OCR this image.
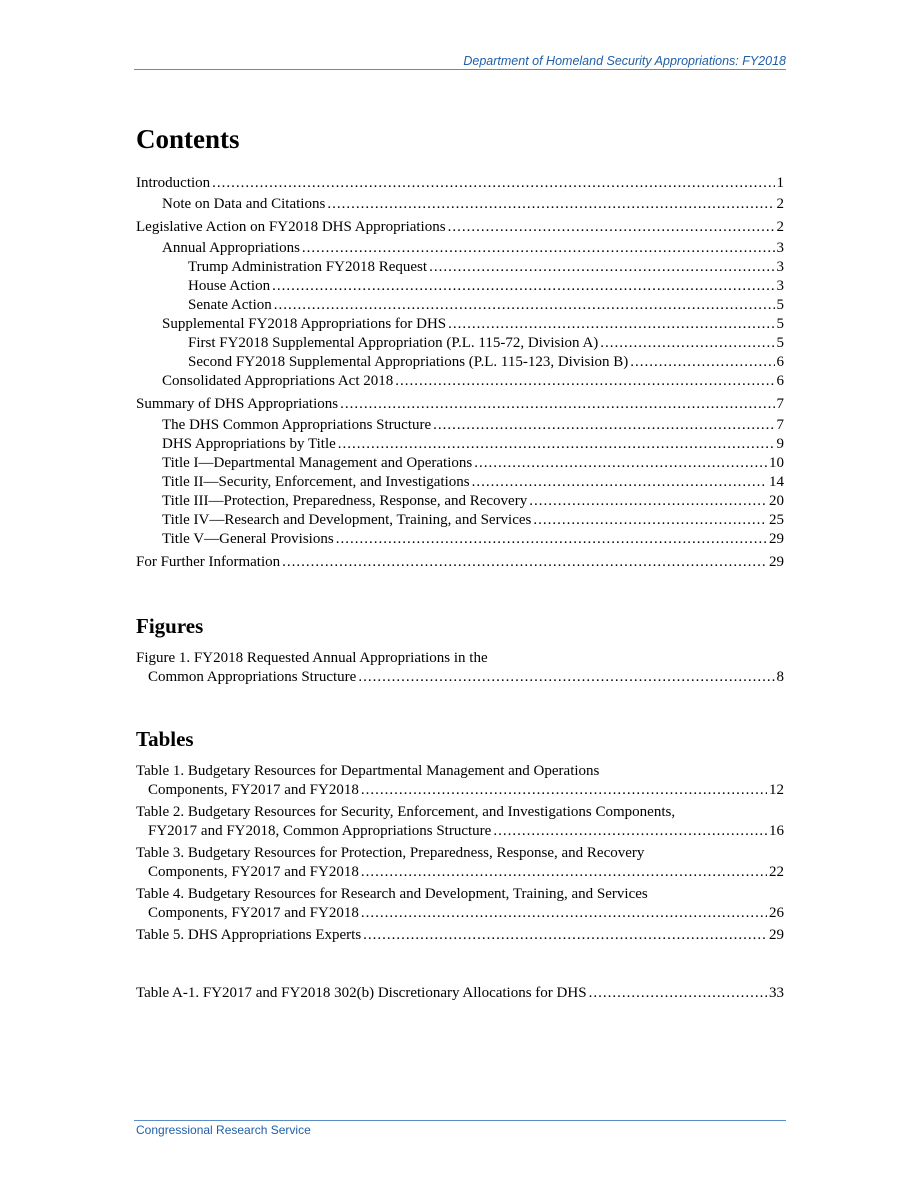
Department of Homeland Security Appropriations: FY2018
Contents
Introduction .....	1
Note on Data and Citations .....	2
Legislative Action on FY2018 DHS Appropriations .....	2
Annual Appropriations .....	3
Trump Administration FY2018 Request .....	3
House Action .....	3
Senate Action .....	5
Supplemental FY2018 Appropriations for DHS .....	5
First FY2018 Supplemental Appropriation (P.L. 115-72, Division A) .....	5
Second FY2018 Supplemental Appropriations (P.L. 115-123, Division B) .....	6
Consolidated Appropriations Act 2018 .....	6
Summary of DHS Appropriations .....	7
The DHS Common Appropriations Structure .....	7
DHS Appropriations by Title .....	9
Title I—Departmental Management and Operations .....	10
Title II—Security, Enforcement, and Investigations .....	14
Title III—Protection, Preparedness, Response, and Recovery .....	20
Title IV—Research and Development, Training, and Services .....	25
Title V—General Provisions .....	29
For Further Information .....	29
Figures
Figure 1. FY2018 Requested Annual Appropriations in the
Common Appropriations Structure .....	8
Tables
Table 1. Budgetary Resources for Departmental Management and Operations
Components, FY2017 and FY2018 .....	12
Table 2. Budgetary Resources for Security, Enforcement, and Investigations Components,
FY2017 and FY2018, Common Appropriations Structure .....	16
Table 3. Budgetary Resources for Protection, Preparedness, Response, and Recovery
Components, FY2017 and FY2018 .....	22
Table 4. Budgetary Resources for Research and Development, Training, and Services
Components, FY2017 and FY2018 .....	26
Table 5. DHS Appropriations Experts .....	29
Table A-1. FY2017 and FY2018 302(b) Discretionary Allocations for DHS .....	33
Congressional Research Service
